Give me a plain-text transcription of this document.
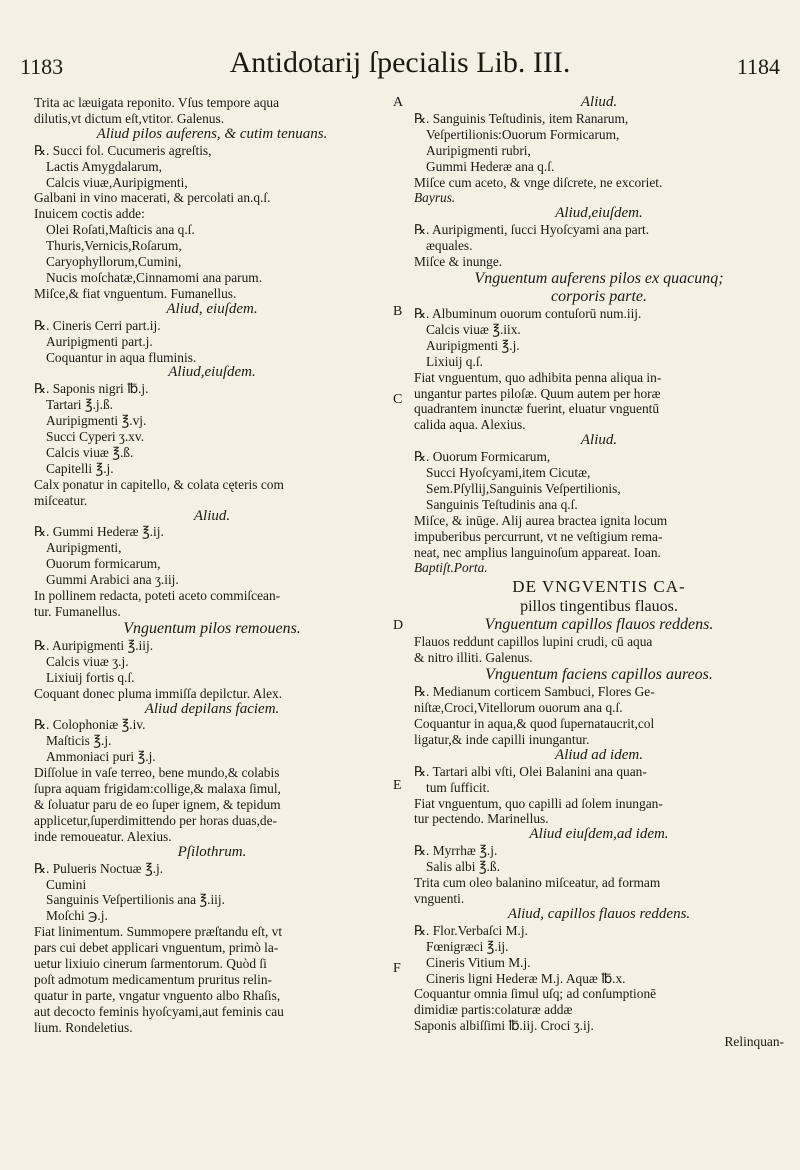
1183	Antidotarij ſpecialis Lib. III.	1184
A
B
C
D
E
F
Trita ac læuigata reponito. Vſus tempore aqua
dilutis,vt dictum eſt,vtitor. Galenus.
Aliud pilos auferens, & cutim tenuans.
℞. Succi fol. Cucumeris agreſtis,
Lactis Amygdalarum,
Calcis viuæ,Auripigmenti,
Galbani in vino macerati, & percolati an.q.ſ.
Inuicem coctis adde:
Olei Roſati,Maſticis ana q.ſ.
Thuris,Vernicis,Roſarum,
Caryophyllorum,Cumini,
Nucis moſchatæ,Cinnamomi ana parum.
Miſce,& fiat vnguentum. Fumanellus.
Aliud, eiuſdem.
℞. Cineris Cerri part.ij.
Auripigmenti part.j.
Coquantur in aqua fluminis.
Aliud,eiuſdem.
℞. Saponis nigri ℔.j.
Tartari ℥.j.ß.
Auripigmenti ℥.vj.
Succi Cyperi ʒ.xv.
Calcis viuæ ℥.ß.
Capitelli ℥.j.
Calx ponatur in capitello, & colata cęteris com
miſceatur.
Aliud.
℞. Gummi Hederæ ℥.ij.
Auripigmenti,
Ouorum formicarum,
Gummi Arabici ana ʒ.iij.
In pollinem redacta, poteti aceto commiſcean-
tur. Fumanellus.
Vnguentum pilos remouens.
℞. Auripigmenti ℥.iij.
Calcis viuæ ʒ.j.
Lixiuij fortis q.ſ.
Coquant donec pluma immiſſa depilctur. Alex.
Aliud depilans faciem.
℞. Colophoniæ ℥.iv.
Maſticis ℥.j.
Ammoniaci puri ℥.j.
Diſſolue in vaſe terreo, bene mundo,& colabis
ſupra aquam frigidam:collige,& malaxa ſimul,
& ſoluatur paru de eo ſuper ignem, & tepidum
applicetur,ſuperdimittendo per horas duas,de-
inde remoueatur. Alexius.
Pſilothrum.
℞. Pulueris Noctuæ ℥.j.
Cumini
Sanguinis Veſpertilionis ana ℥.iij.
Moſchi ℈.j.
Fiat linimentum. Summopere præſtandu eſt, vt
pars cui debet applicari vnguentum, primò la-
uetur lixiuio cinerum ſarmentorum. Quòd ſi
poſt admotum medicamentum pruritus relin-
quatur in parte, vngatur vnguento albo Rhaſis,
aut decocto feminis hyoſcyami,aut feminis cau
lium. Rondeletius.
Aliud.
℞. Sanguinis Teſtudinis, item Ranarum,
Veſpertilionis:Ouorum Formicarum,
Auripigmenti rubri,
Gummi Hederæ ana q.ſ.
Miſce cum aceto, & vnge diſcrete, ne excoriet.
Bayrus.
Aliud,eiuſdem.
℞. Auripigmenti, ſucci Hyoſcyami ana part.
æquales.
Miſce & inunge.
Vnguentum auferens pilos ex quacunq;
corporis parte.
℞. Albuminum ouorum contuſorū num.iij.
Calcis viuæ ℥.iix.
Auripigmenti ℥.j.
Lixiuij q.ſ.
Fiat vnguentum, quo adhibita penna aliqua in-
ungantur partes piloſæ. Quum autem per horæ
quadrantem inunctæ fuerint, eluatur vnguentū
calida aqua. Alexius.
Aliud.
℞. Ouorum Formicarum,
Succi Hyoſcyami,item Cicutæ,
Sem.Pſyllij,Sanguinis Veſpertilionis,
Sanguinis Teſtudinis ana q.ſ.
Miſce, & inūge. Alij aurea bractea ignita locum
impuberibus percurrunt, vt ne veſtigium rema-
neat, nec amplius languinoſum appareat. Ioan.
Baptiſt.Porta.
DE VNGVENTIS CA-
pillos tingentibus flauos.
Vnguentum capillos flauos reddens.
Flauos reddunt capillos lupini crudi, cū aqua
& nitro illiti. Galenus.
Vnguentum faciens capillos aureos.
℞. Medianum corticem Sambuci, Flores Ge-
niſtæ,Croci,Vitellorum ouorum ana q.ſ.
Coquantur in aqua,& quod ſupernataucrit,col
ligatur,& inde capilli inungantur.
Aliud ad idem.
℞. Tartari albi vſti, Olei Balanini ana quan-
tum ſufficit.
Fiat vnguentum, quo capilli ad ſolem inungan-
tur pectendo. Marinellus.
Aliud eiuſdem,ad idem.
℞. Myrrhæ ℥.j.
Salis albi ℥.ß.
Trita cum oleo balanino miſceatur, ad formam
vnguenti.
Aliud, capillos flauos reddens.
℞. Flor.Verbaſci M.j.
Fœnigræci ℥.ij.
Cineris Vitium M.j.
Cineris ligni Hederæ M.j. Aquæ ℔.x.
Coquantur omnia ſimul uſq; ad conſumptionē
dimidiæ partis:colaturæ addæ
Saponis albiſſimi ℔.iij. Croci ʒ.ij.
Relinquan-
